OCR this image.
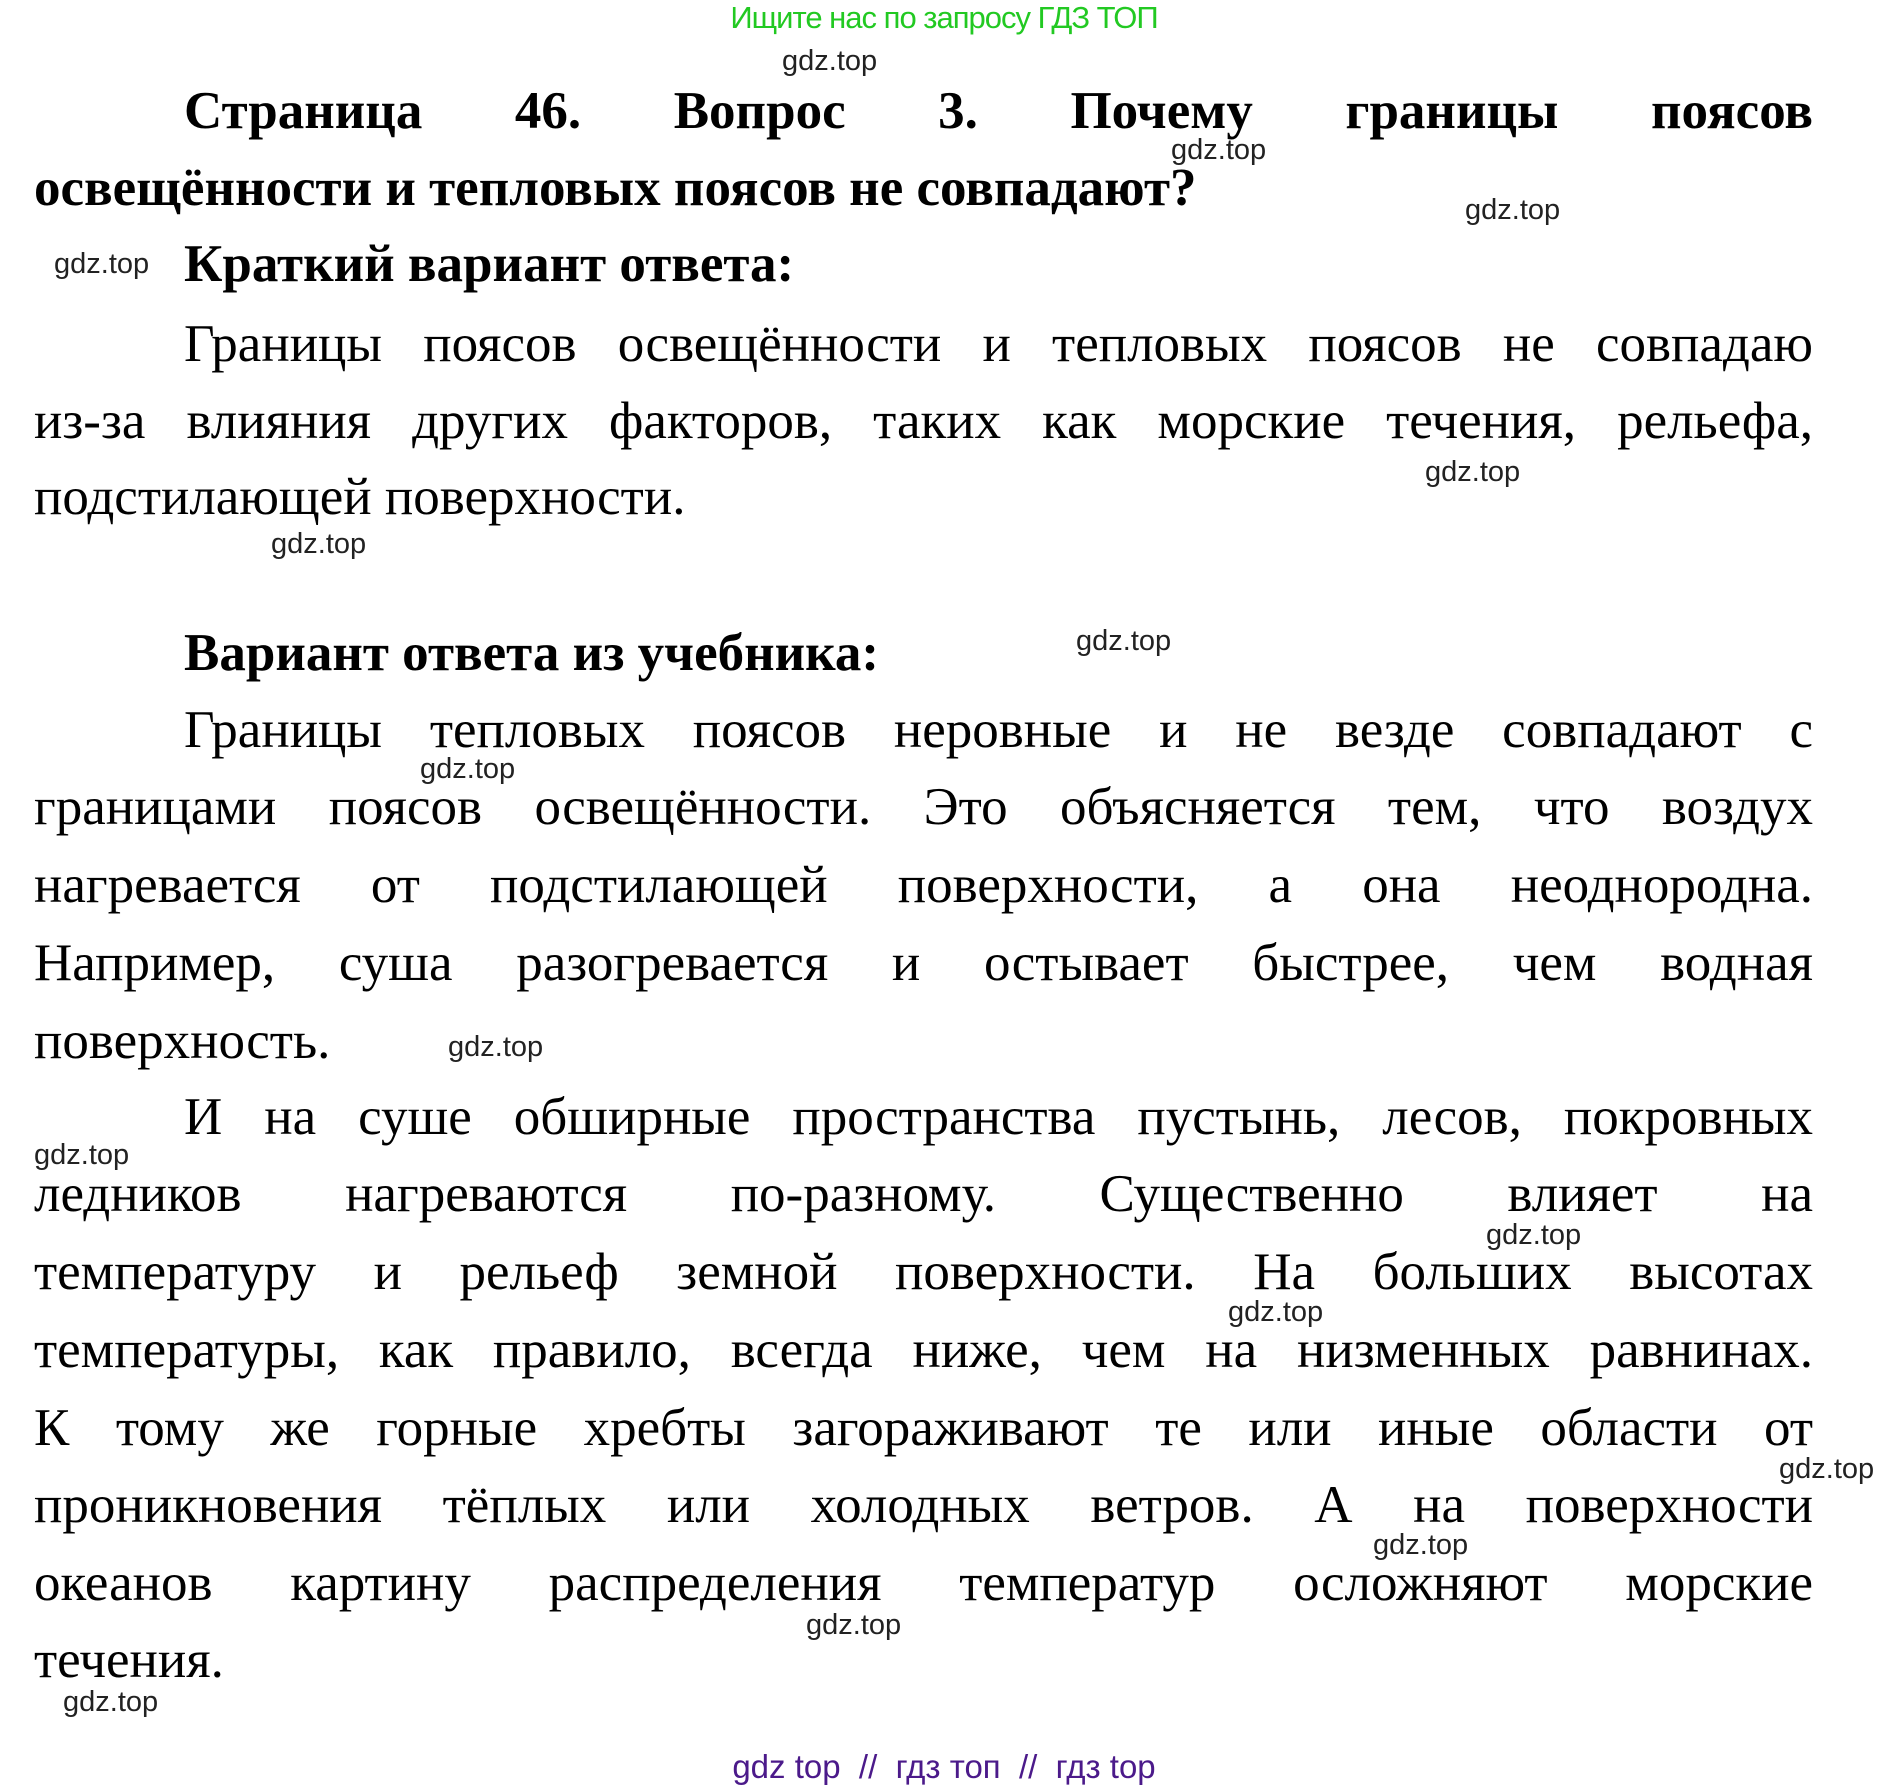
Ищите нас по запросу ГДЗ ТОП
Страница 46. Вопрос 3. Почему границы поясов
освещённости и тепловых поясов не совпадают?
Краткий вариант ответа:
Границы поясов освещённости и тепловых поясов не совпадаю
из-за влияния других факторов, таких как морские течения, рельефа,
подстилающей поверхности.
Вариант ответа из учебника:
Границы тепловых поясов неровные и не везде совпадают с
границами поясов освещённости. Это объясняется тем, что воздух
нагревается от подстилающей поверхности, а она неоднородна.
Например, суша разогревается и остывает быстрее, чем водная
поверхность.
И на суше обширные пространства пустынь, лесов, покровных
ледников нагреваются по-разному. Существенно влияет на
температуру и рельеф земной поверхности. На больших высотах
температуры, как правило, всегда ниже, чем на низменных равнинах.
К тому же горные хребты загораживают те или иные области от
проникновения тёплых или холодных ветров. А на поверхности
океанов картину распределения температур осложняют морские
течения.
gdz.top
gdz.top
gdz.top
gdz.top
gdz.top
gdz.top
gdz.top
gdz.top
gdz.top
gdz.top
gdz.top
gdz.top
gdz.top
gdz.top
gdz.top
gdz.top
gdz top  //  гдз топ  //  гдз top
